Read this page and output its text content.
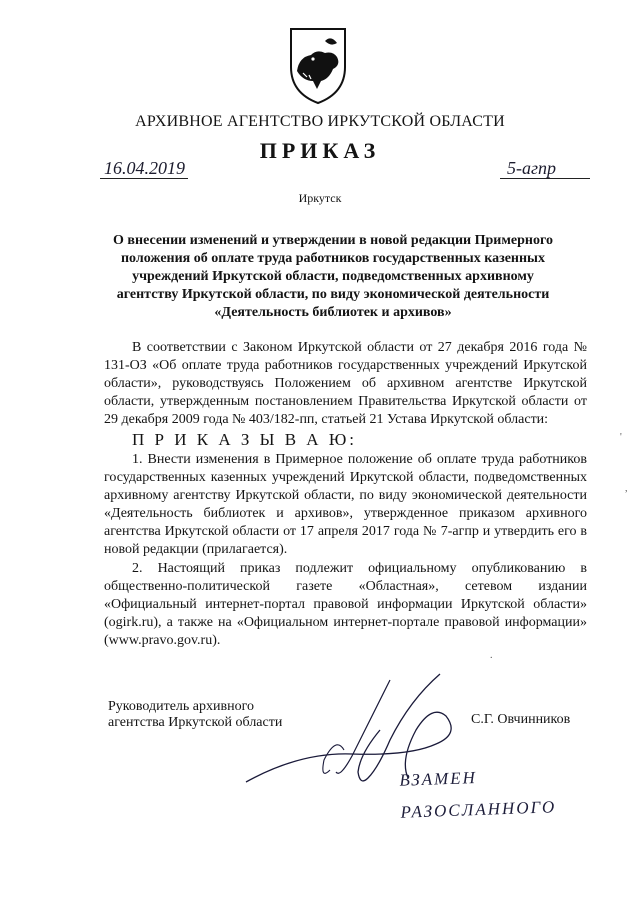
АРХИВНОЕ АГЕНТСТВО ИРКУТСКОЙ ОБЛАСТИ
ПРИКАЗ
16.04.2019	5-агпр
Иркутск
О внесении изменений и утверждении в новой редакции Примерного положения об оплате труда работников государственных казенных учреждений Иркутской области, подведомственных архивному агентству Иркутской области, по виду экономической деятельности «Деятельность библиотек и архивов»
В соответствии с Законом Иркутской области от 27 декабря 2016 года № 131-ОЗ «Об оплате труда работников государственных учреждений Иркутской области», руководствуясь Положением об архивном агентстве Иркутской области, утвержденным постановлением Правительства Иркутской области от 29 декабря 2009 года № 403/182-пп, статьей 21 Устава Иркутской области:
П Р И К А З Ы В А Ю:
1. Внести изменения в Примерное положение об оплате труда работников государственных казенных учреждений Иркутской области, подведомственных архивному агентству Иркутской области, по виду экономической деятельности «Деятельность библиотек и архивов», утвержденное приказом архивного агентства Иркутской области от 17 апреля 2017 года № 7-агпр и утвердить его в новой редакции (прилагается).
2. Настоящий приказ подлежит официальному опубликованию в общественно-политической газете «Областная», сетевом издании «Официальный интернет-портал правовой информации Иркутской области» (ogirk.ru), а также на «Официальном интернет-портале правовой информации» (www.pravo.gov.ru).
Руководитель архивного
агентства Иркутской области	С.Г. Овчинников
ВЗАМЕН
РАЗОСЛАННОГО
'
,
.
